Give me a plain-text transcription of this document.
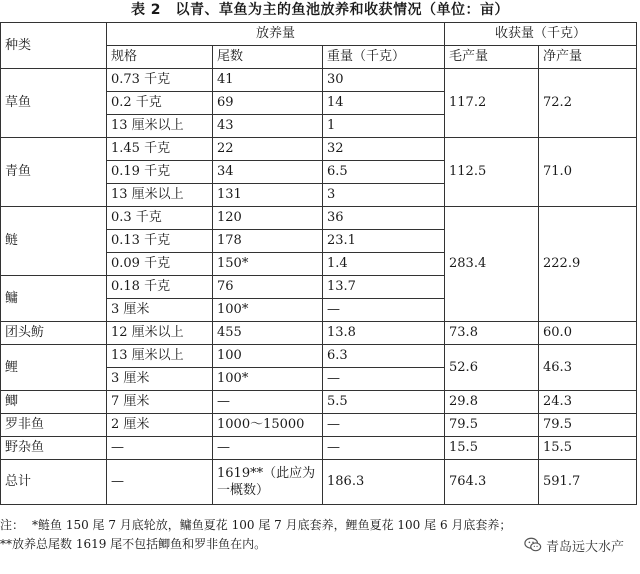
表 2　以青、草鱼为主的鱼池放养和收获情况（单位：亩）
种类	放养量			收获量（千克）	
	规格	尾数	重量（千克）	毛产量	净产量
草鱼	0.73 千克	41	30	117.2	72.2
	0.2 千克	69	14		
	13 厘米以上	43	1		
青鱼	1.45 千克	22	32	112.5	71.0
	0.19 千克	34	6.5		
	13 厘米以上	131	3		
鲢	0.3 千克	120	36	283.4	222.9
	0.13 千克	178	23.1		
	0.09 千克	150*	1.4		
鳙	0.18 千克	76	13.7		
	3 厘米	100*	—		
团头鲂	12 厘米以上	455	13.8	73.8	60.0
鲤	13 厘米以上	100	6.3	52.6	46.3
	3 厘米	100*	—		
鲫	7 厘米	—	5.5	29.8	24.3
罗非鱼	2 厘米	1000～15000	—	79.5	79.5
野杂鱼	—	—	—	15.5	15.5
总计	—	1619**（此应为一概数）	186.3	764.3	591.7
注： *鲢鱼 150 尾 7 月底轮放，鳙鱼夏花 100 尾 7 月底套养，鲤鱼夏花 100 尾 6 月底套养；
**放养总尾数 1619 尾不包括鲫鱼和罗非鱼在内。	青岛远大水产
